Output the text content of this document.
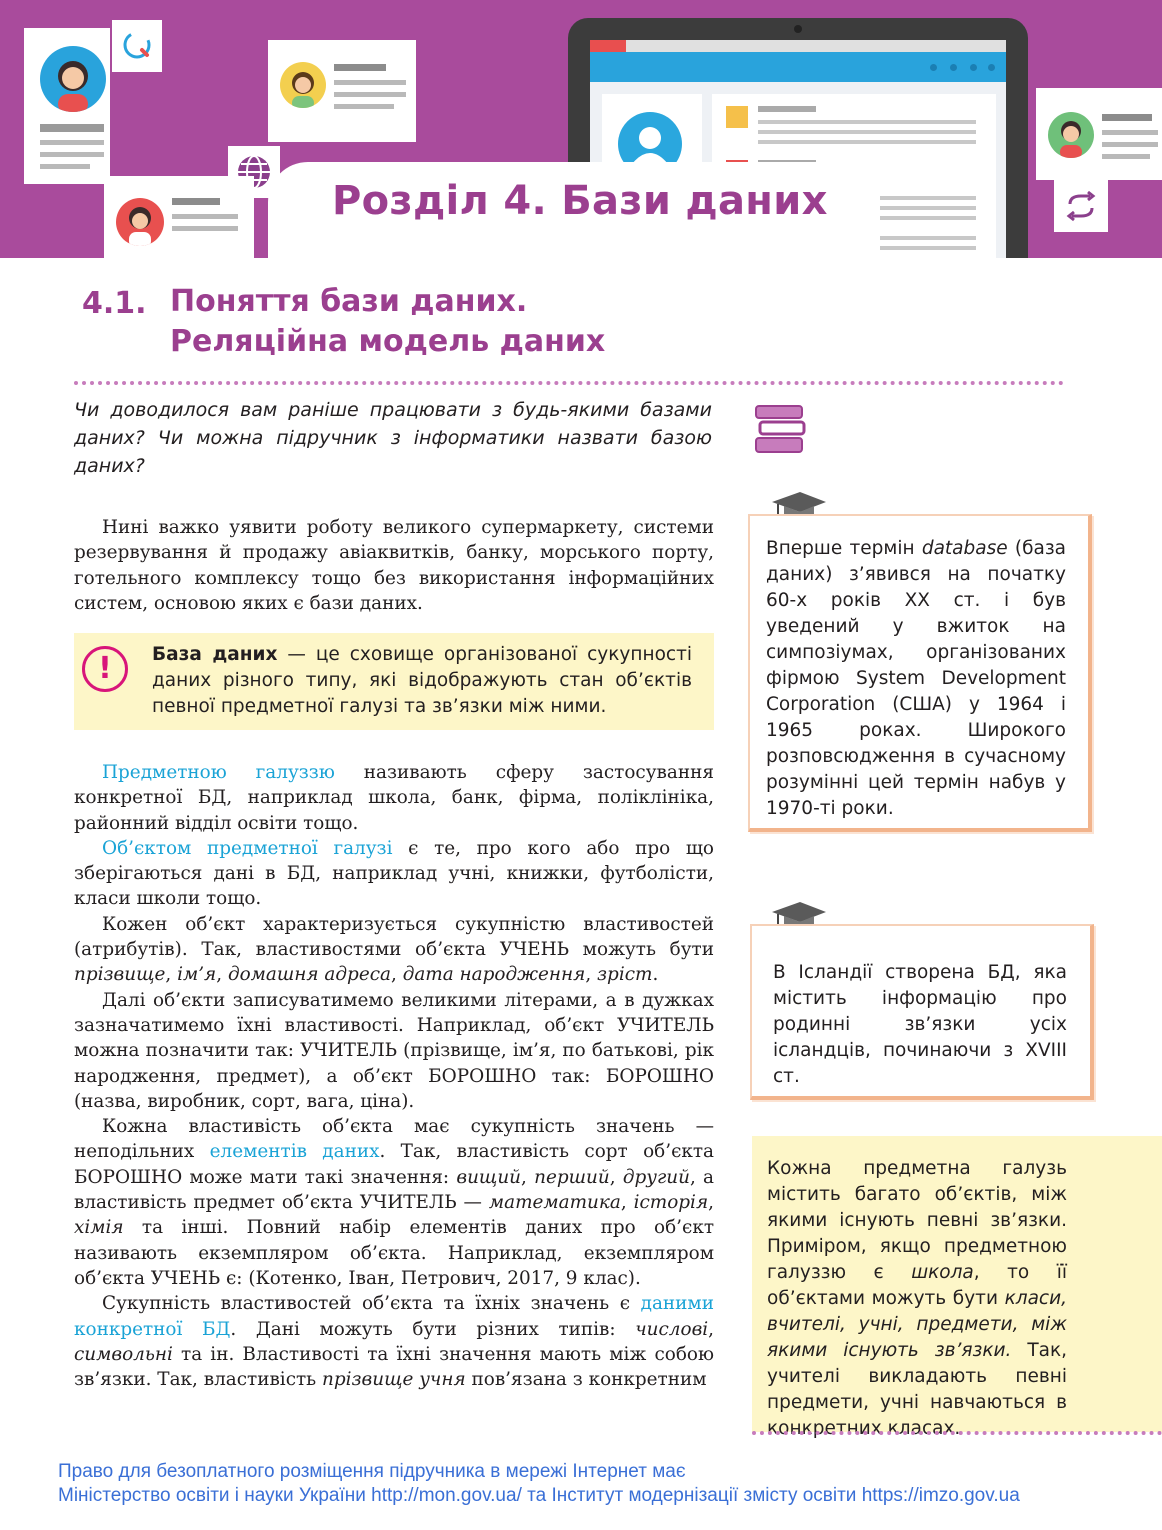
Розділ 4. Бази даних
4.1. Поняття бази даних.
Реляційна модель даних
Чи доводилося вам раніше працювати з будь-якими базами даних? Чи можна підручник з інформатики назвати базою даних?

Нині важко уявити роботу великого супермаркету, системи резервування й продажу авіаквитків, банку, морського порту, готельного комплексу тощо без використання інформаційних систем, основою яких є бази даних.

!	База даних — це сховище організованої сукупності даних різного типу, які відображують стан об’єктів певної предметної галузі та зв’язки між ними.

Предметною галуззю називають сферу застосування конкретної БД, наприклад школа, банк, фірма, поліклініка, районний відділ освіти тощо.

Об’єктом предметної галузі є те, про кого або про що зберігаються дані в БД, наприклад учні, книжки, футболісти, класи школи тощо.

Кожен об’єкт характеризується сукупністю властивостей (атрибутів). Так, властивостями об’єкта УЧЕНЬ можуть бути прізвище, ім’я, домашня адреса, дата народження, зріст.

Далі об’єкти записуватимемо великими літерами, а в дужках зазначатимемо їхні властивості. Наприклад, об’єкт УЧИТЕЛЬ можна позначити так: УЧИТЕЛЬ (прізвище, ім’я, по батькові, рік народження, предмет), а об’єкт БОРОШНО так: БОРОШНО (назва, виробник, сорт, вага, ціна).

Кожна властивість об’єкта має сукупність значень — неподільних елементів даних. Так, властивість сорт об’єкта БОРОШНО може мати такі значення: вищий, перший, другий, а властивість предмет об’єкта УЧИТЕЛЬ — математика, історія, хімія та інші. Повний набір елементів даних про об’єкт називають екземпляром об’єкта. Наприклад, екземпляром об’єкта УЧЕНЬ є: (Котенко, Іван, Петрович, 2017, 9 клас).

Сукупність властивостей об’єкта та їхніх значень є даними конкретної БД. Дані можуть бути різних типів: числові, символьні та ін. Властивості та їхні значення мають між собою зв’язки. Так, властивість прізвище учня пов’язана з конкретним

Вперше термін database (база даних) з’явився на початку 60-х років XX ст. і був уведений у вжиток на симпозіумах, організованих фірмою System Development Corporation (США) у 1964 і 1965 роках. Широкого розповсюдження в сучасному розумінні цей термін набув у 1970-ті роки.
В Ісландії створена БД, яка містить інформацію про родинні зв’язки усіх ісландців, починаючи з XVIII ст.
Кожна предметна галузь містить багато об’єктів, між якими існують певні зв’язки. Приміром, якщо предметною галуззю є школа, то її об’єктами можуть бути класи, вчителі, учні, предмети, між якими існують зв’язки. Так, учителі викладають певні предмети, учні навчаються в конкретних класах.
Право для безоплатного розміщення підручника в мережі Інтернет має
Міністерство освіти і науки України http://mon.gov.ua/ та Інститут модернізації змісту освіти https://imzo.gov.ua
